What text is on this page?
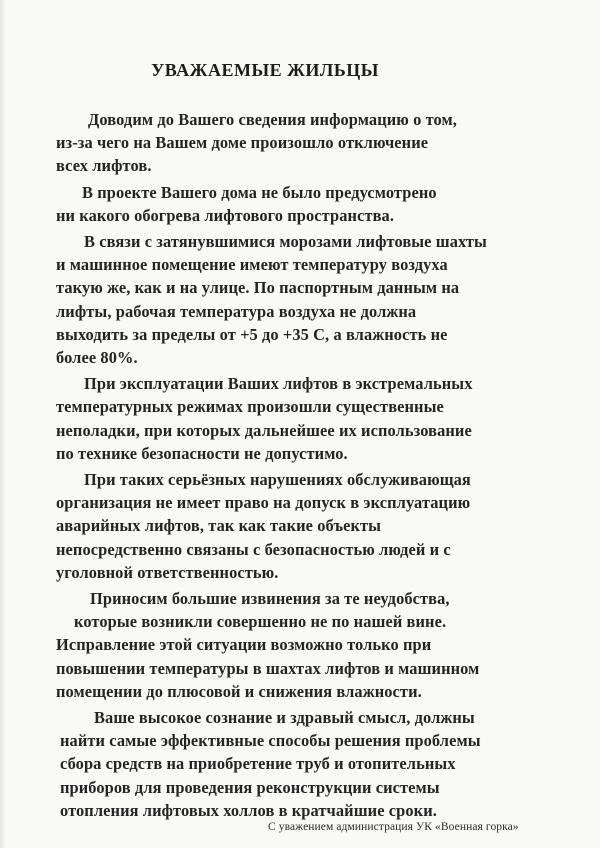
УВАЖАЕМЫЕ ЖИЛЬЦЫ

Доводим до Вашего сведения информацию о том,
из-за чего на Вашем доме произошло отключение
всех лифтов.

В проекте Вашего дома не было предусмотрено
ни какого обогрева лифтового пространства.

В связи с затянувшимися морозами лифтовые шахты
и машинное помещение имеют температуру воздуха
такую же, как и на улице. По паспортным данным на
лифты, рабочая температура воздуха не должна
выходить за пределы от +5 до +35 С, а влажность не
более 80%.

При эксплуатации Ваших лифтов в экстремальных
температурных режимах произошли существенные
неполадки, при которых дальнейшее их использование
по технике безопасности не допустимо.

При таких серьёзных нарушениях обслуживающая
организация не имеет право на допуск в эксплуатацию
аварийных лифтов, так как такие объекты
непосредственно связаны с безопасностью людей и с
уголовной ответственностью.

Приносим большие извинения за те неудобства,
которые возникли совершенно не по нашей вине.
Исправление этой ситуации возможно только при
повышении температуры в шахтах лифтов и машинном
помещении до плюсовой и снижения влажности.

Ваше высокое сознание и здравый смысл, должны
найти самые эффективные способы решения проблемы
сбора средств на приобретение труб и отопительных
приборов для проведения реконструкции системы
отопления лифтовых холлов в кратчайшие сроки.

С уважением администрация УК «Военная горка»
